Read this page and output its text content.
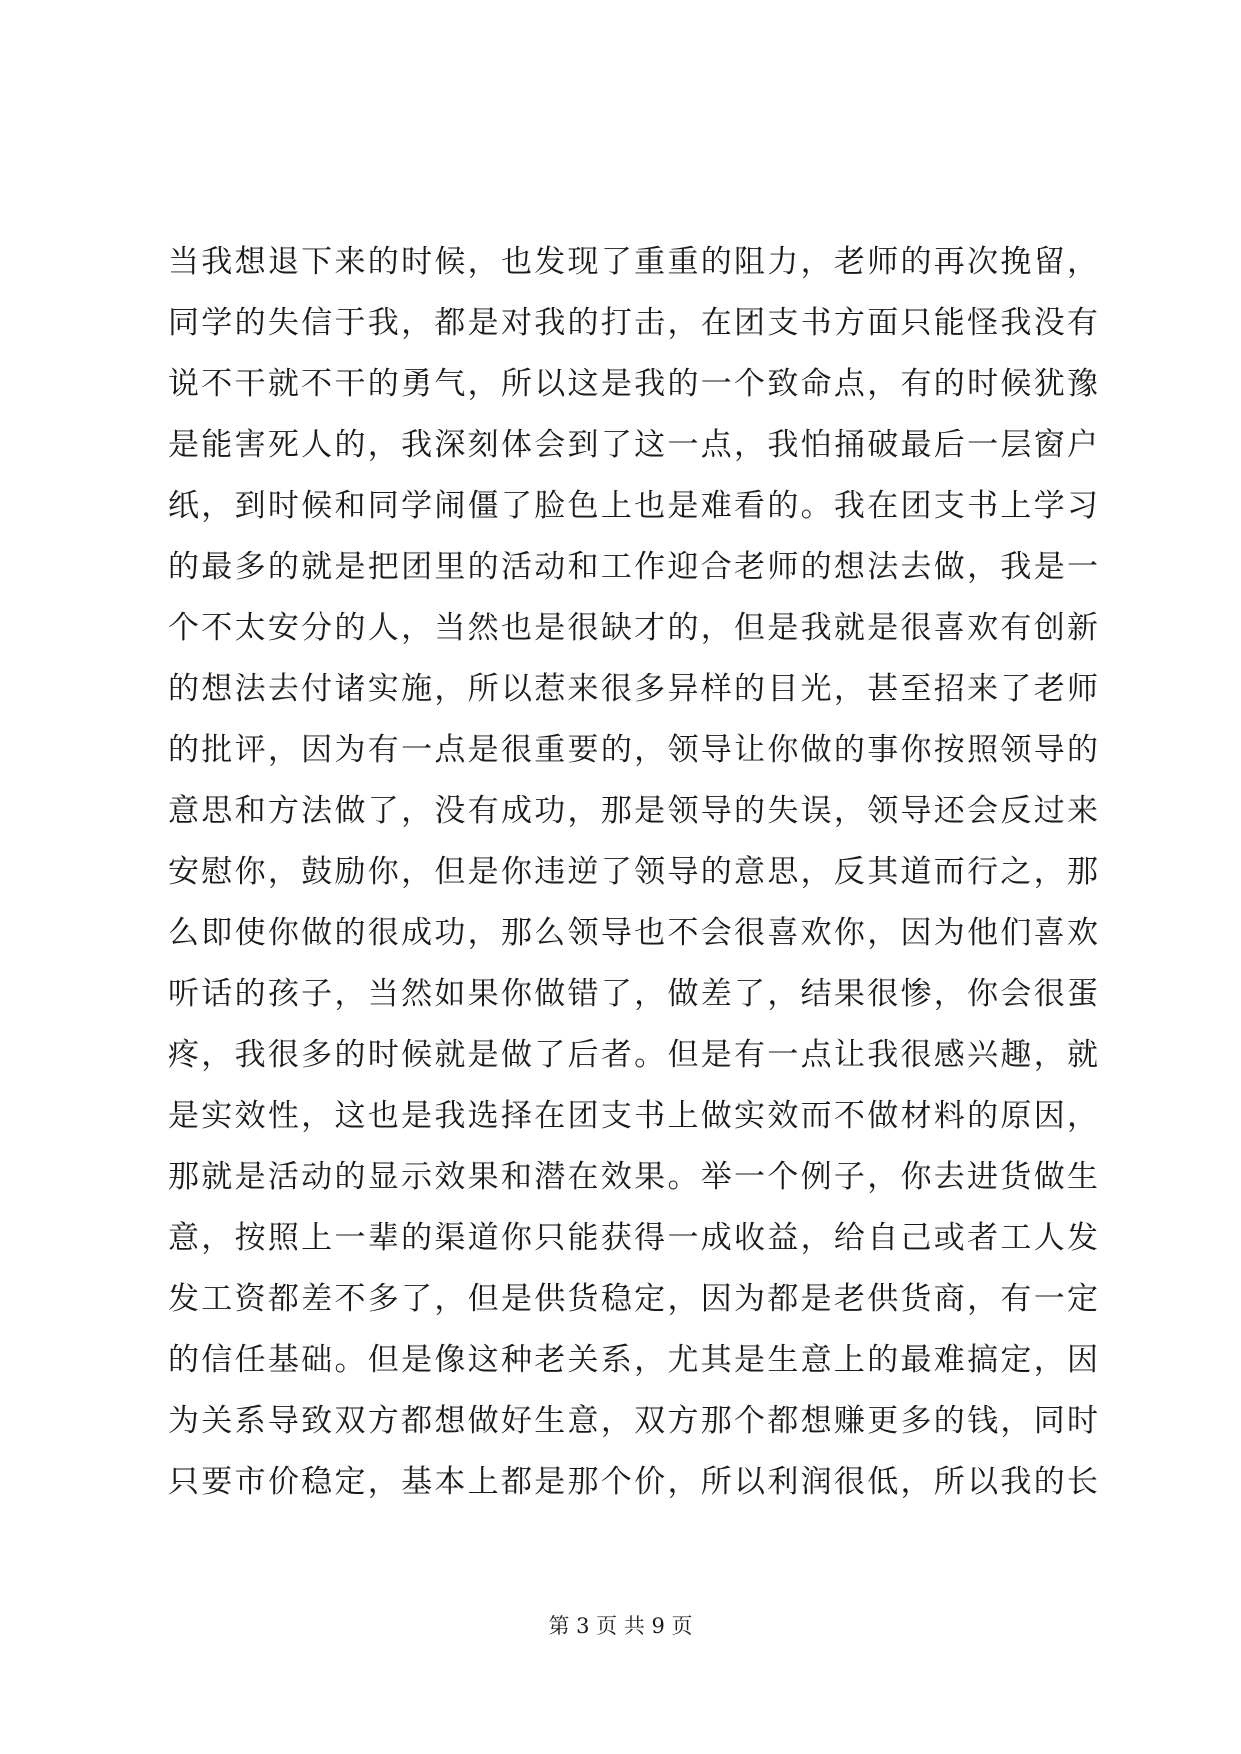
当我想退下来的时候，也发现了重重的阻力，老师的再次挽留，
同学的失信于我，都是对我的打击，在团支书方面只能怪我没有
说不干就不干的勇气，所以这是我的一个致命点，有的时候犹豫
是能害死人的，我深刻体会到了这一点，我怕捅破最后一层窗户
纸，到时候和同学闹僵了脸色上也是难看的。我在团支书上学习
的最多的就是把团里的活动和工作迎合老师的想法去做，我是一
个不太安分的人，当然也是很缺才的，但是我就是很喜欢有创新
的想法去付诸实施，所以惹来很多异样的目光，甚至招来了老师
的批评，因为有一点是很重要的，领导让你做的事你按照领导的
意思和方法做了，没有成功，那是领导的失误，领导还会反过来
安慰你，鼓励你，但是你违逆了领导的意思，反其道而行之，那
么即使你做的很成功，那么领导也不会很喜欢你，因为他们喜欢
听话的孩子，当然如果你做错了，做差了，结果很惨，你会很蛋
疼，我很多的时候就是做了后者。但是有一点让我很感兴趣，就
是实效性，这也是我选择在团支书上做实效而不做材料的原因，
那就是活动的显示效果和潜在效果。举一个例子，你去进货做生
意，按照上一辈的渠道你只能获得一成收益，给自己或者工人发
发工资都差不多了，但是供货稳定，因为都是老供货商，有一定
的信任基础。但是像这种老关系，尤其是生意上的最难搞定，因
为关系导致双方都想做好生意，双方那个都想赚更多的钱，同时
只要市价稳定，基本上都是那个价，所以利润很低，所以我的长
第 3 页 共 9 页
